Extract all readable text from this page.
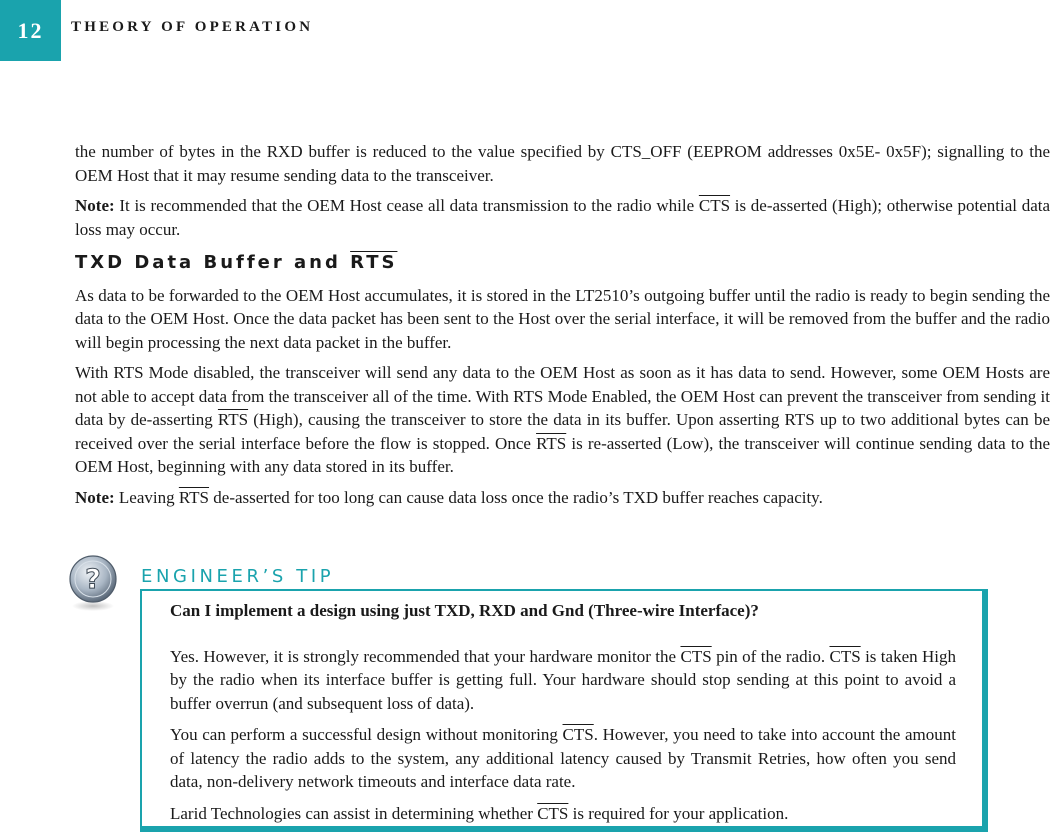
12 THEORY OF OPERATION

the number of bytes in the RXD buffer is reduced to the value specified by CTS_OFF (EEPROM addresses 0x5E- 0x5F); signalling to the OEM Host that it may resume sending data to the transceiver.

Note: It is recommended that the OEM Host cease all data transmission to the radio while $\overline{CTS}$ is de-asserted (High); otherwise potential data loss may occur.

TXD Data Buffer and $\overline{RTS}$

As data to be forwarded to the OEM Host accumulates, it is stored in the LT2510’s outgoing buffer until the radio is ready to begin sending the data to the OEM Host. Once the data packet has been sent to the Host over the serial interface, it will be removed from the buffer and the radio will begin processing the next data packet in the buffer.

With RTS Mode disabled, the transceiver will send any data to the OEM Host as soon as it has data to send. However, some OEM Hosts are not able to accept data from the transceiver all of the time. With RTS Mode Enabled, the OEM Host can prevent the transceiver from sending it data by de-asserting $\overline{RTS}$ (High), causing the transceiver to store the data in its buffer. Upon asserting RTS up to two additional bytes can be received over the serial interface before the flow is stopped. Once $\overline{RTS}$ is re-asserted (Low), the transceiver will continue sending data to the OEM Host, beginning with any data stored in its buffer.

Note: Leaving $\overline{RTS}$ de-asserted for too long can cause data loss once the radio’s TXD buffer reaches capacity.

? ENGINEER’S TIP

Can I implement a design using just TXD, RXD and Gnd (Three-wire Interface)?

Yes. However, it is strongly recommended that your hardware monitor the $\overline{CTS}$ pin of the radio. $\overline{CTS}$ is taken High by the radio when its interface buffer is getting full. Your hardware should stop sending at this point to avoid a buffer overrun (and subsequent loss of data).

You can perform a successful design without monitoring $\overline{CTS}$. However, you need to take into account the amount of latency the radio adds to the system, any additional latency caused by Transmit Retries, how often you send data, non-delivery network timeouts and interface data rate.

Larid Technologies can assist in determining whether $\overline{CTS}$ is required for your application.
